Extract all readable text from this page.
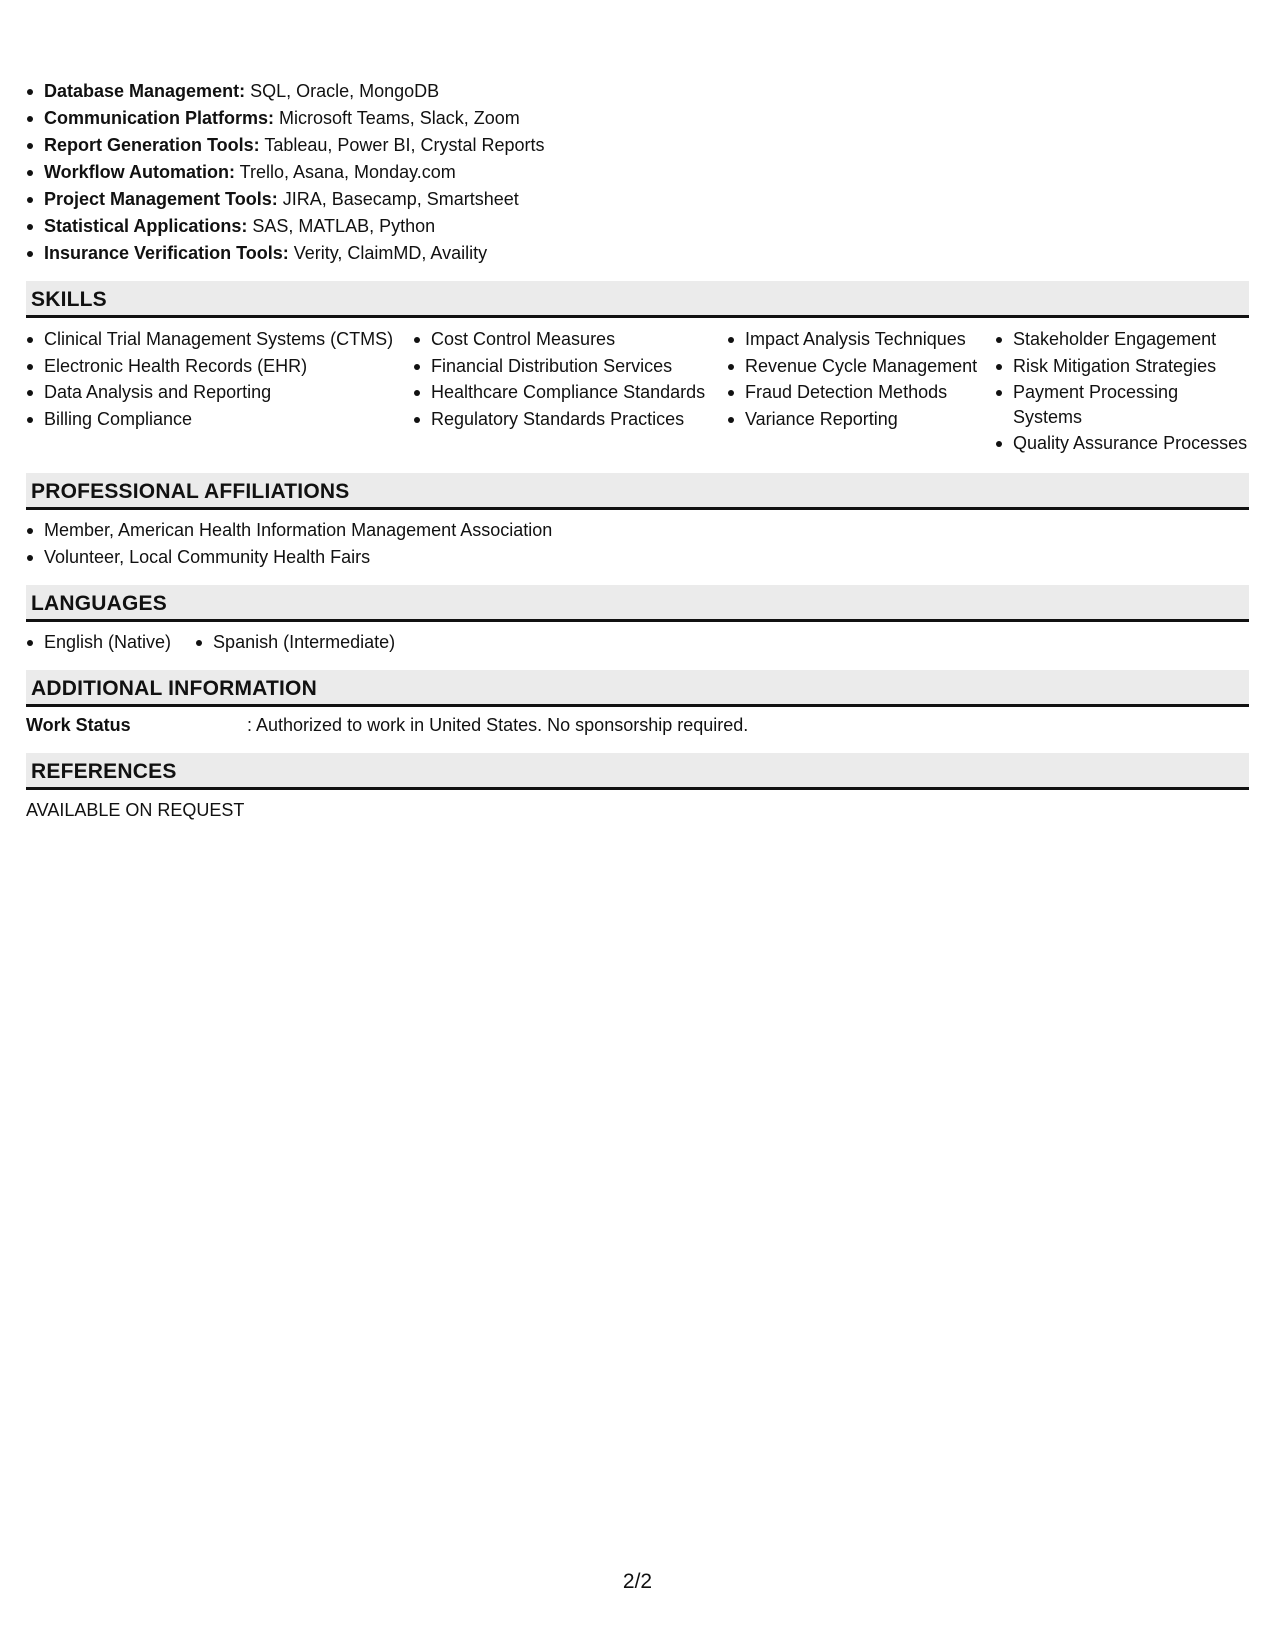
Database Management: SQL, Oracle, MongoDB
Communication Platforms: Microsoft Teams, Slack, Zoom
Report Generation Tools: Tableau, Power BI, Crystal Reports
Workflow Automation: Trello, Asana, Monday.com
Project Management Tools: JIRA, Basecamp, Smartsheet
Statistical Applications: SAS, MATLAB, Python
Insurance Verification Tools: Verity, ClaimMD, Availity
SKILLS
Clinical Trial Management Systems (CTMS)
Electronic Health Records (EHR)
Data Analysis and Reporting
Billing Compliance
Cost Control Measures
Financial Distribution Services
Healthcare Compliance Standards
Regulatory Standards Practices
Impact Analysis Techniques
Revenue Cycle Management
Fraud Detection Methods
Variance Reporting
Stakeholder Engagement
Risk Mitigation Strategies
Payment Processing Systems
Quality Assurance Processes
PROFESSIONAL AFFILIATIONS
Member, American Health Information Management Association
Volunteer, Local Community Health Fairs
LANGUAGES
English (Native)	Spanish (Intermediate)
ADDITIONAL INFORMATION
Work Status	: Authorized to work in United States. No sponsorship required.
REFERENCES
AVAILABLE ON REQUEST
2/2
